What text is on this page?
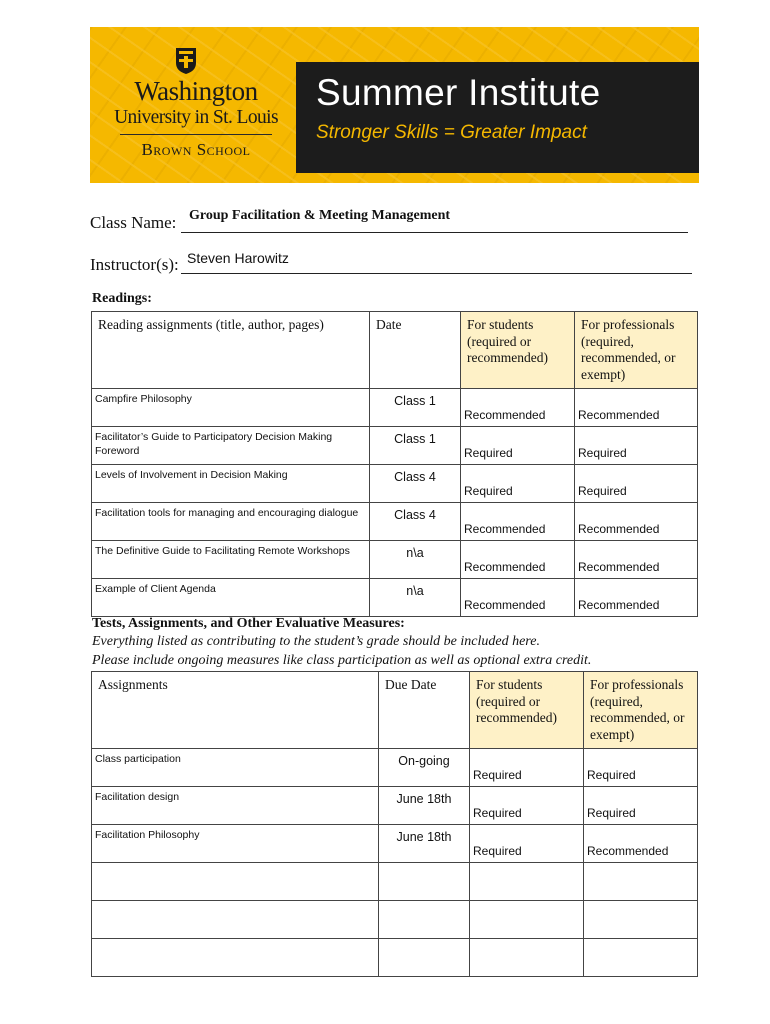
Washington
University in St. Louis
Brown School
Summer Institute
Stronger Skills = Greater Impact
Class Name: Group Facilitation & Meeting Management
Instructor(s): Steven Harowitz
Readings:
Reading assignments (title, author, pages)	Date	For students (required or recommended)	For professionals (required, recommended, or exempt)
Campfire Philosophy	Class 1	Recommended	Recommended
Facilitator’s Guide to Participatory Decision Making Foreword	Class 1	Required	Required
Levels of Involvement in Decision Making	Class 4	Required	Required
Facilitation tools for managing and encouraging dialogue	Class 4	Recommended	Recommended
The Definitive Guide to Facilitating Remote Workshops	n\a	Recommended	Recommended
Example of Client Agenda	n\a	Recommended	Recommended
Tests, Assignments, and Other Evaluative Measures:
Everything listed as contributing to the student’s grade should be included here.
Please include ongoing measures like class participation as well as optional extra credit.
Assignments	Due Date	For students (required or recommended)	For professionals (required, recommended, or exempt)
Class participation	On-going	Required	Required
Facilitation design	June 18th	Required	Required
Facilitation Philosophy	June 18th	Required	Recommended
